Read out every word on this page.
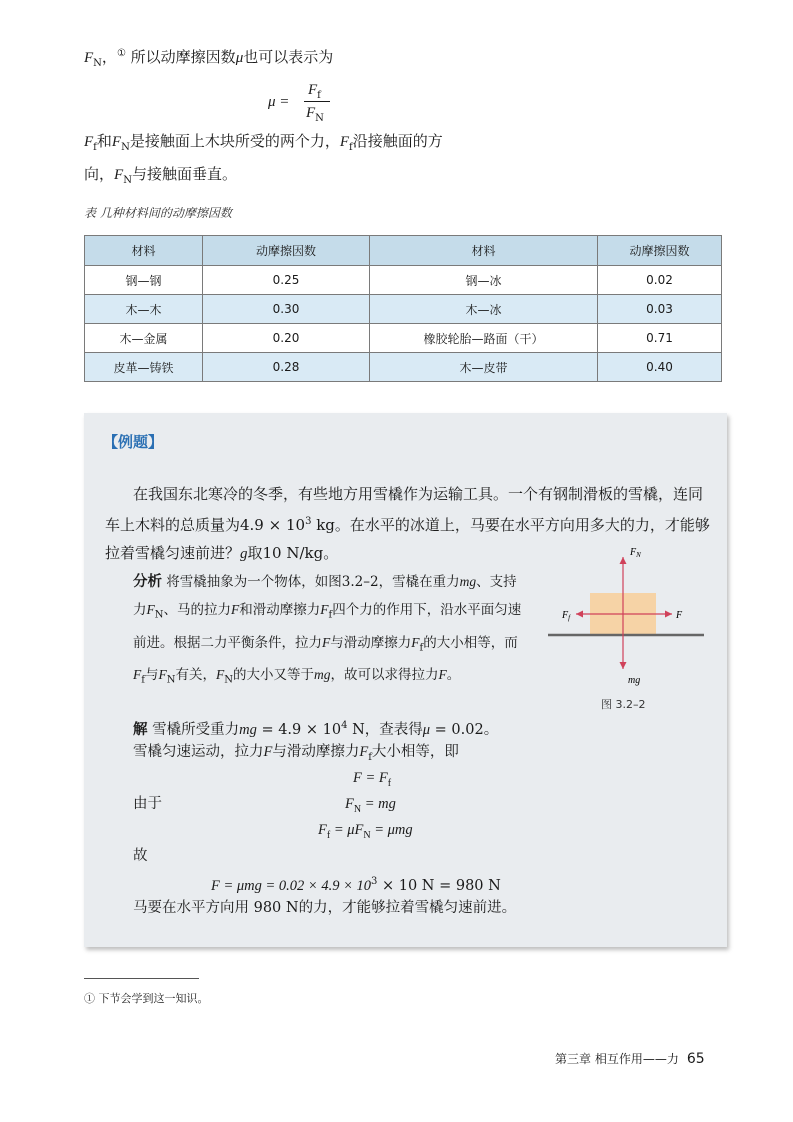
$F_N$，① 所以动摩擦因数μ也可以表示为
μ =
$F_f$
$F_N$
$F_f$和$F_N$是接触面上木块所受的两个力，$F_f$沿接触面的方
向，$F_N$与接触面垂直。
表 几种材料间的动摩擦因数
材料	动摩擦因数	材料	动摩擦因数
钢—钢	0.25	钢—冰	0.02
木—木	0.30	木—冰	0.03
木—金属	0.20	橡胶轮胎—路面（干）	0.71
皮革—铸铁	0.28	木—皮带	0.40
【例题】
在我国东北寒冷的冬季，有些地方用雪橇作为运输工具。一个有钢制滑板的雪橇，连同车上木料的总质量为$4.9 \times 10^3$ kg。在水平的冰道上，马要在水平方向用多大的力，才能够拉着雪橇匀速前进？g取10 N/kg。
分析 将雪橇抽象为一个物体，如图3.2–2，雪橇在重力mg、支持力$F_N$、马的拉力F和滑动摩擦力$F_f$四个力的作用下，沿水平面匀速前进。根据二力平衡条件，拉力F与滑动摩擦力$F_f$的大小相等，而$F_f$与$F_N$有关，$F_N$的大小又等于mg，故可以求得拉力F。
$F_N$
$F_f$	F
mg
图 3.2–2
解 雪橇所受重力mg = $4.9 \times 10^4$ N，查表得μ = 0.02。
雪橇匀速运动，拉力F与滑动摩擦力$F_f$大小相等，即
$F = F_f$
由于	$F_N$ = mg
$F_f = \mu F_N = \mu mg$
故
$F = \mu mg = 0.02 \times 4.9 \times 10^3 \times 10$ N = 980 N
马要在水平方向用 980 N的力，才能够拉着雪橇匀速前进。
① 下节会学到这一知识。
第三章 相互作用——力 65
